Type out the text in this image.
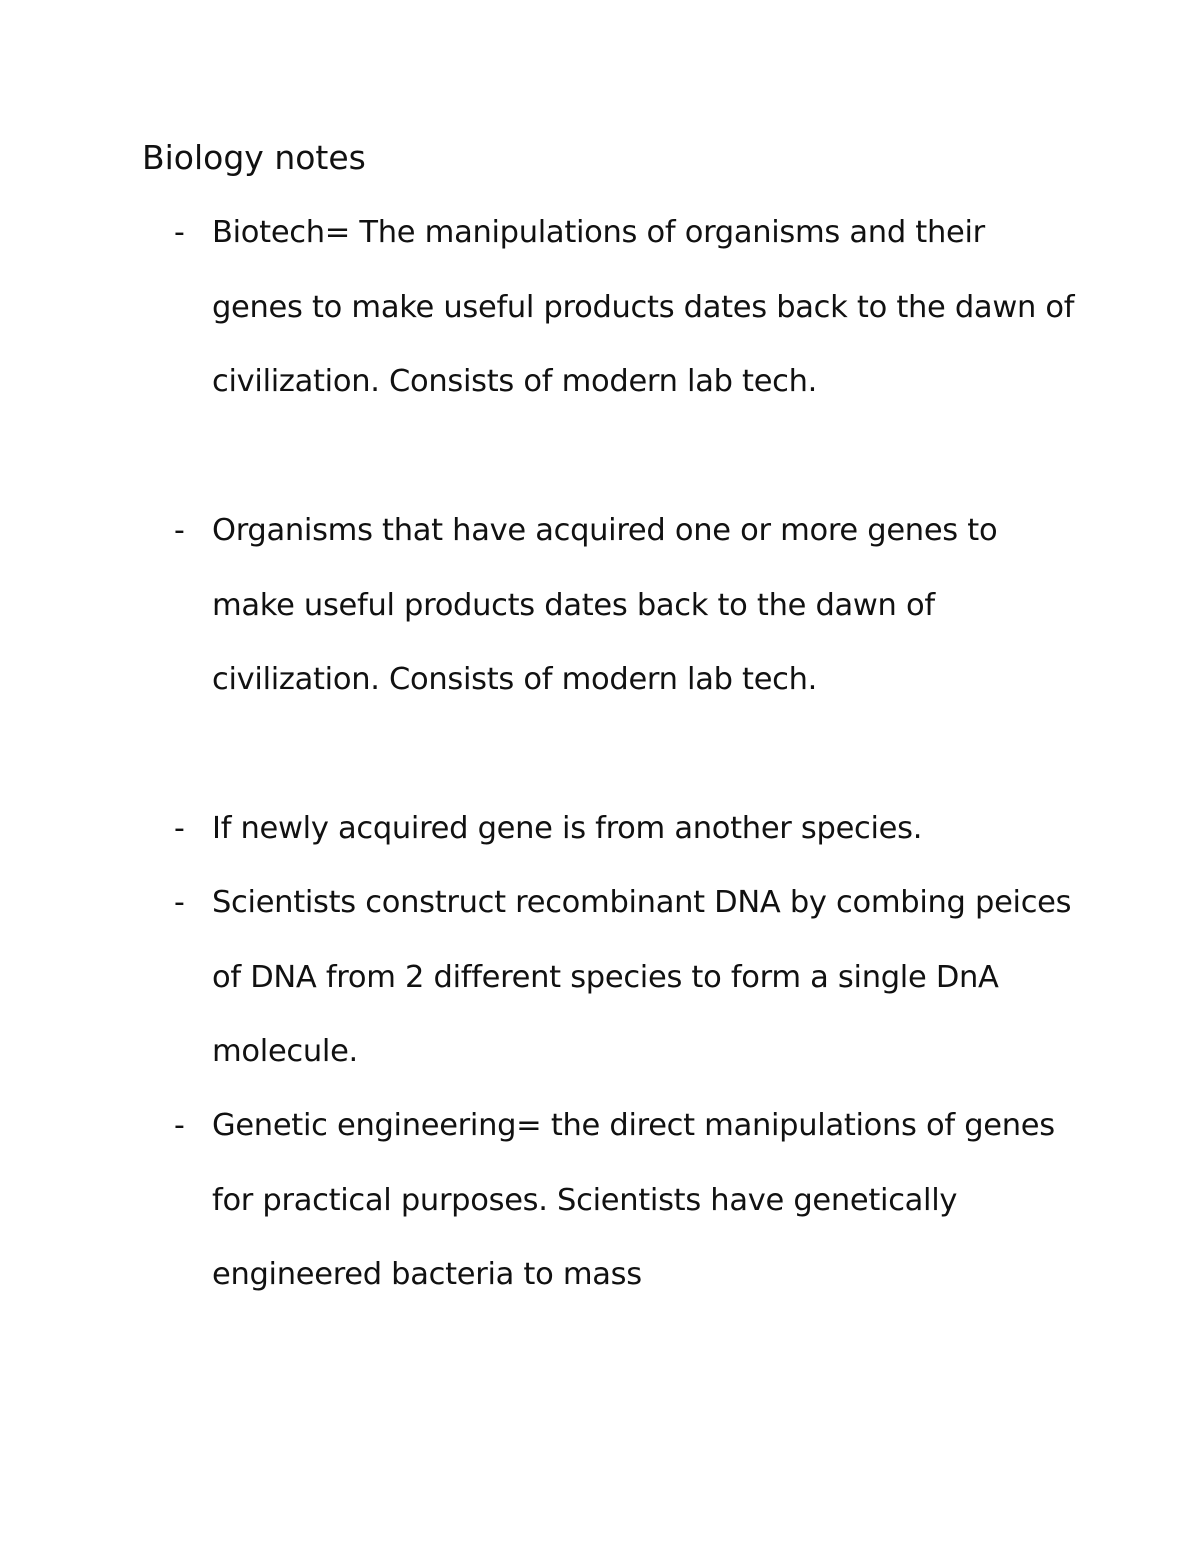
Biology notes
- Biotech= The manipulations of organisms and their genes to make useful products dates back to the dawn of civilization. Consists of modern lab tech.
- Organisms that have acquired one or more genes to make useful products dates back to the dawn of civilization. Consists of modern lab tech.
- If newly acquired gene is from another species.
- Scientists construct recombinant DNA by combing peices of DNA from 2 different species to form a single DnA molecule.
- Genetic engineering= the direct manipulations of genes for practical purposes. Scientists have genetically engineered bacteria to mass
